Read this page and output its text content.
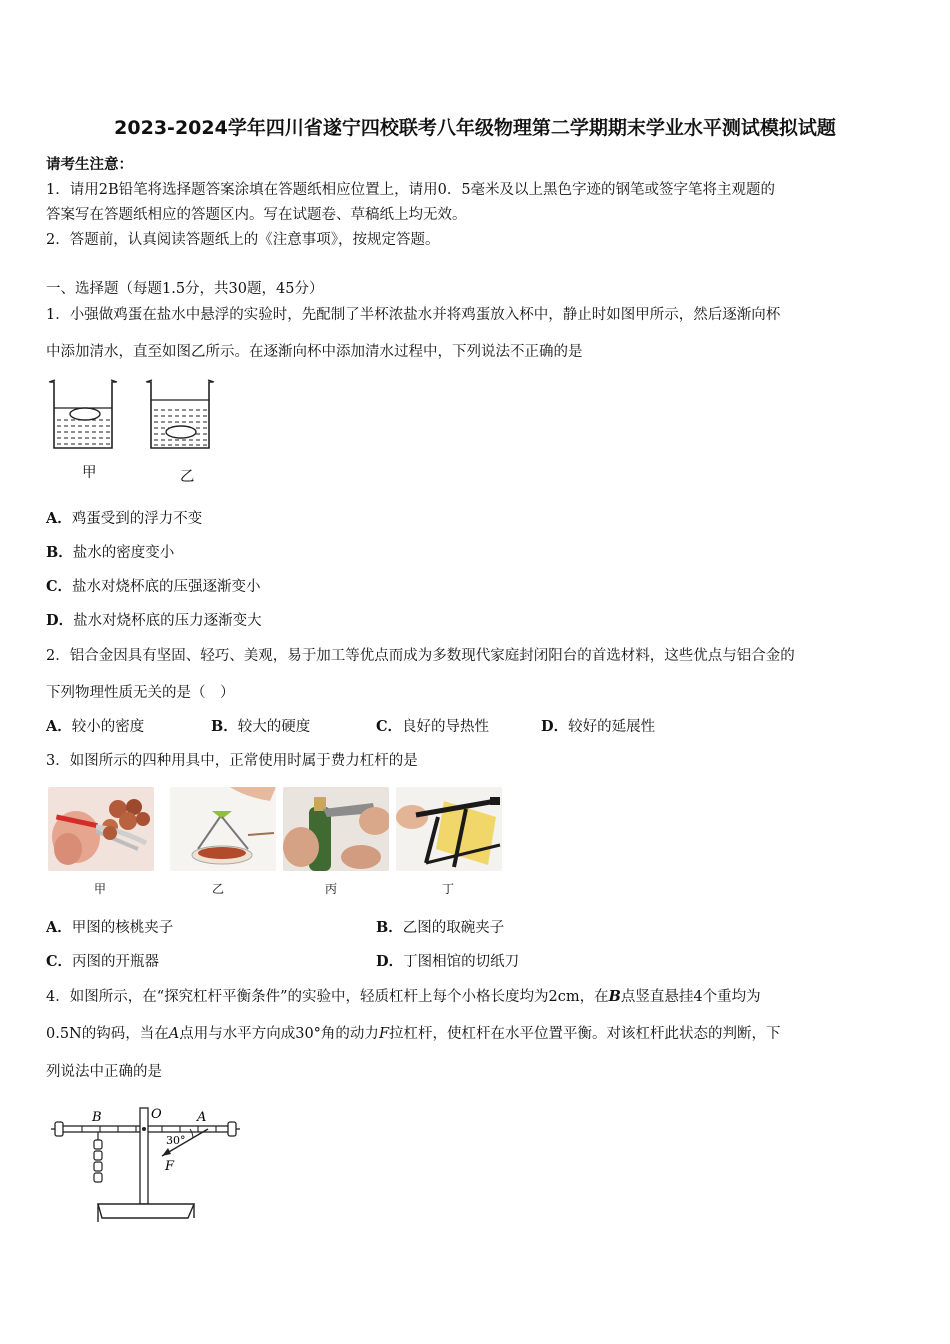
2023-2024学年四川省遂宁四校联考八年级物理第二学期期末学业水平测试模拟试题
请考生注意：
1．请用2B铅笔将选择题答案涂填在答题纸相应位置上，请用0．5毫米及以上黑色字迹的钢笔或签字笔将主观题的
答案写在答题纸相应的答题区内。写在试题卷、草稿纸上均无效。
2．答题前，认真阅读答题纸上的《注意事项》，按规定答题。
一、选择题（每题1.5分，共30题，45分）
1．小强做鸡蛋在盐水中悬浮的实验时，先配制了半杯浓盐水并将鸡蛋放入杯中，静止时如图甲所示，然后逐渐向杯
中添加清水，直至如图乙所示。在逐渐向杯中添加清水过程中，下列说法不正确的是
甲	乙
A．鸡蛋受到的浮力不变
B．盐水的密度变小
C．盐水对烧杯底的压强逐渐变小
D．盐水对烧杯底的压力逐渐变大
2．铝合金因具有坚固、轻巧、美观，易于加工等优点而成为多数现代家庭封闭阳台的首选材料，这些优点与铝合金的
下列物理性质无关的是（　）
A．较小的密度	B．较大的硬度	C．良好的导热性	D．较好的延展性
3．如图所示的四种用具中，正常使用时属于费力杠杆的是
甲	乙	丙	丁
A．甲图的核桃夹子	B．乙图的取碗夹子
C．丙图的开瓶器	D．丁图相馆的切纸刀
4．如图所示，在“探究杠杆平衡条件”的实验中，轻质杠杆上每个小格长度均为2cm，在B点竖直悬挂4个重均为
0.5N的钩码，当在A点用与水平方向成30°角的动力F拉杠杆，使杠杆在水平位置平衡。对该杠杆此状态的判断，下
列说法中正确的是
B	O	A
30°
F
